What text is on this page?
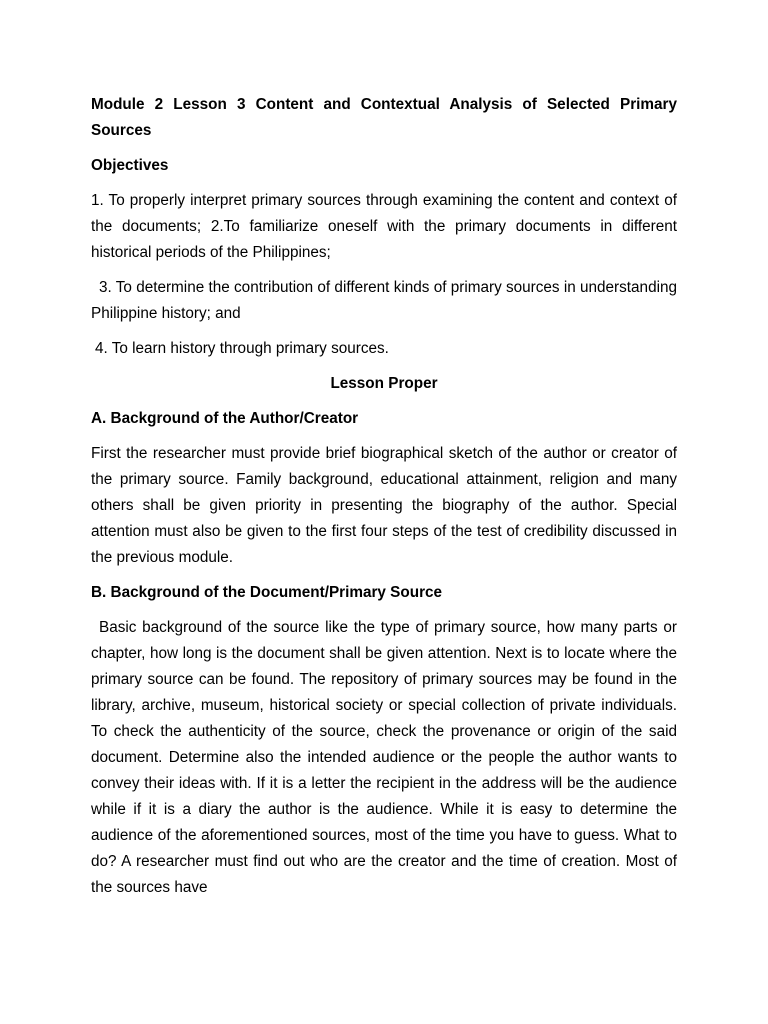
Module 2 Lesson 3 Content and Contextual Analysis of Selected Primary Sources
Objectives

1. To properly interpret primary sources through examining the content and context of the documents; 2.To familiarize oneself with the primary documents in different historical periods of the Philippines;

3. To determine the contribution of different kinds of primary sources in understanding Philippine history; and

4. To learn history through primary sources.

Lesson Proper
A. Background of the Author/Creator

First the researcher must provide brief biographical sketch of the author or creator of the primary source. Family background, educational attainment, religion and many others shall be given priority in presenting the biography of the author. Special attention must also be given to the first four steps of the test of credibility discussed in the previous module.

B. Background of the Document/Primary Source

Basic background of the source like the type of primary source, how many parts or chapter, how long is the document shall be given attention. Next is to locate where the primary source can be found. The repository of primary sources may be found in the library, archive, museum, historical society or special collection of private individuals. To check the authenticity of the source, check the provenance or origin of the said document. Determine also the intended audience or the people the author wants to convey their ideas with. If it is a letter the recipient in the address will be the audience while if it is a diary the author is the audience. While it is easy to determine the audience of the aforementioned sources, most of the time you have to guess. What to do? A researcher must find out who are the creator and the time of creation. Most of the sources have
